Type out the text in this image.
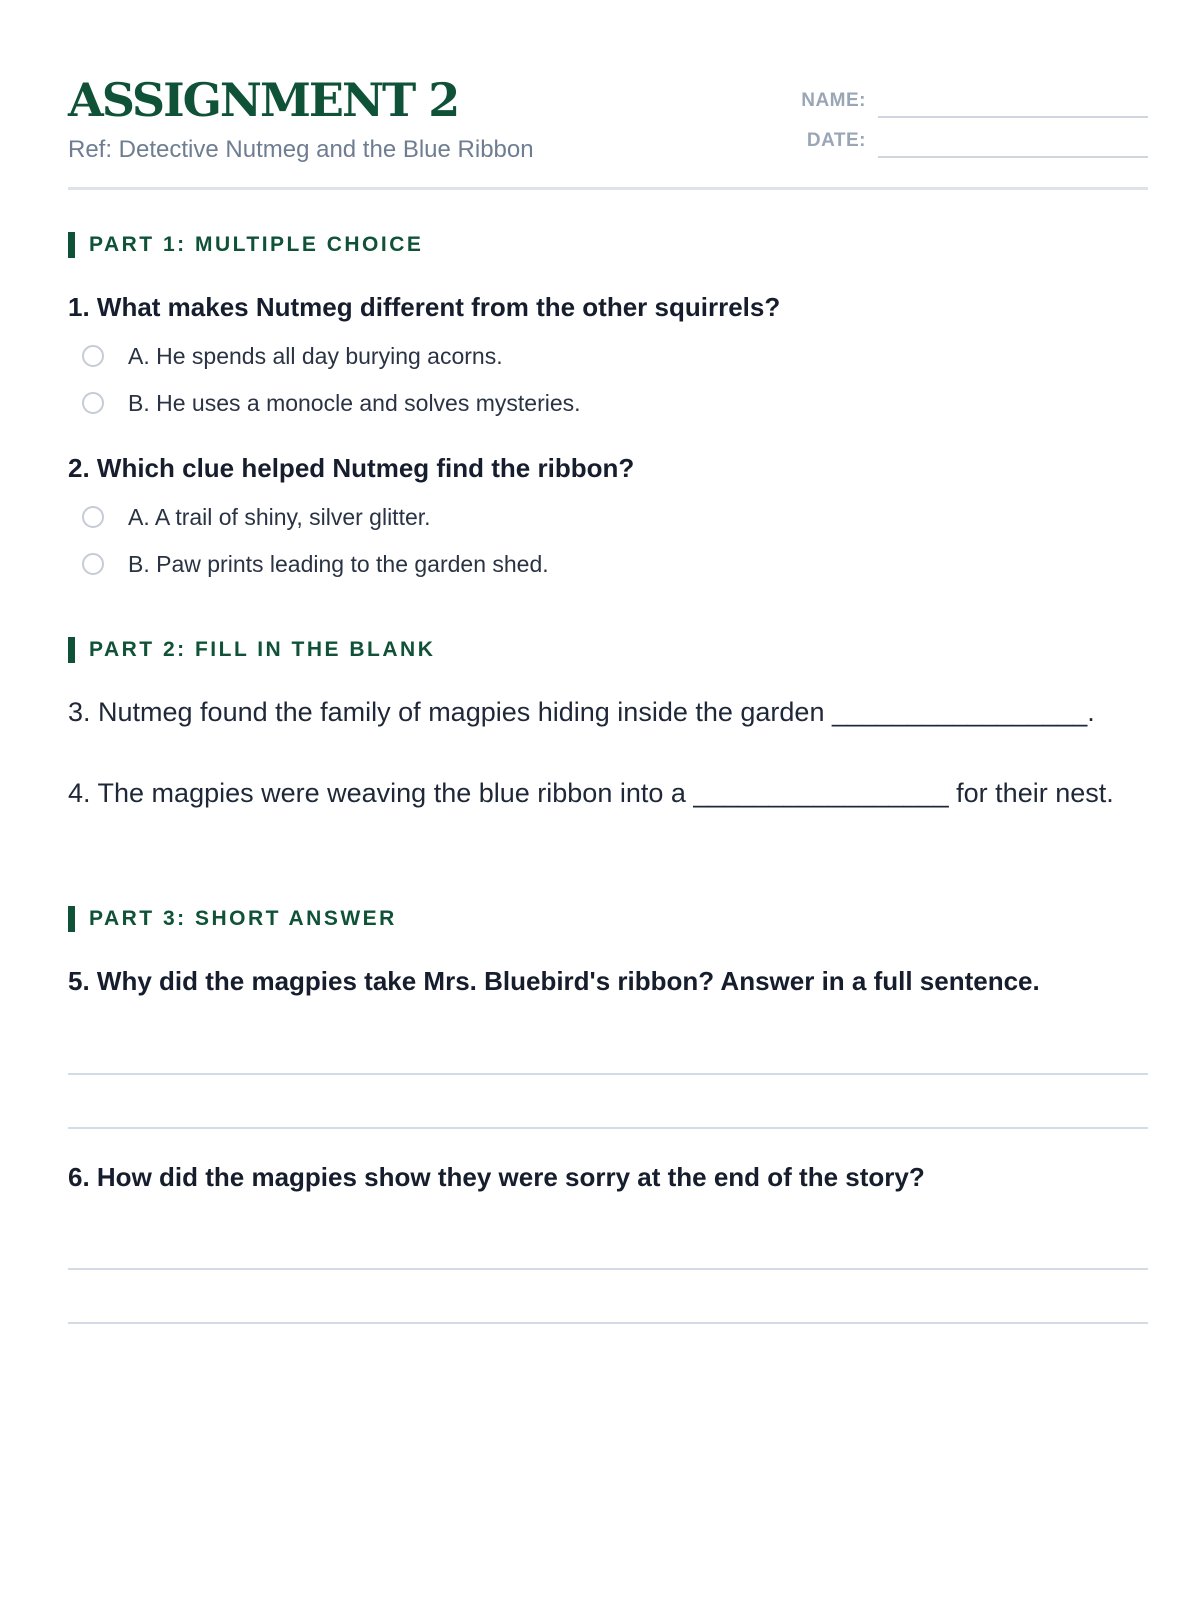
ASSIGNMENT 2
Ref: Detective Nutmeg and the Blue Ribbon
NAME:
DATE:
PART 1: MULTIPLE CHOICE
1. What makes Nutmeg different from the other squirrels?
A. He spends all day burying acorns.
B. He uses a monocle and solves mysteries.
2. Which clue helped Nutmeg find the ribbon?
A. A trail of shiny, silver glitter.
B. Paw prints leading to the garden shed.
PART 2: FILL IN THE BLANK
3. Nutmeg found the family of magpies hiding inside the garden _________________.
4. The magpies were weaving the blue ribbon into a _________________ for their nest.
PART 3: SHORT ANSWER
5. Why did the magpies take Mrs. Bluebird's ribbon? Answer in a full sentence.
6. How did the magpies show they were sorry at the end of the story?
